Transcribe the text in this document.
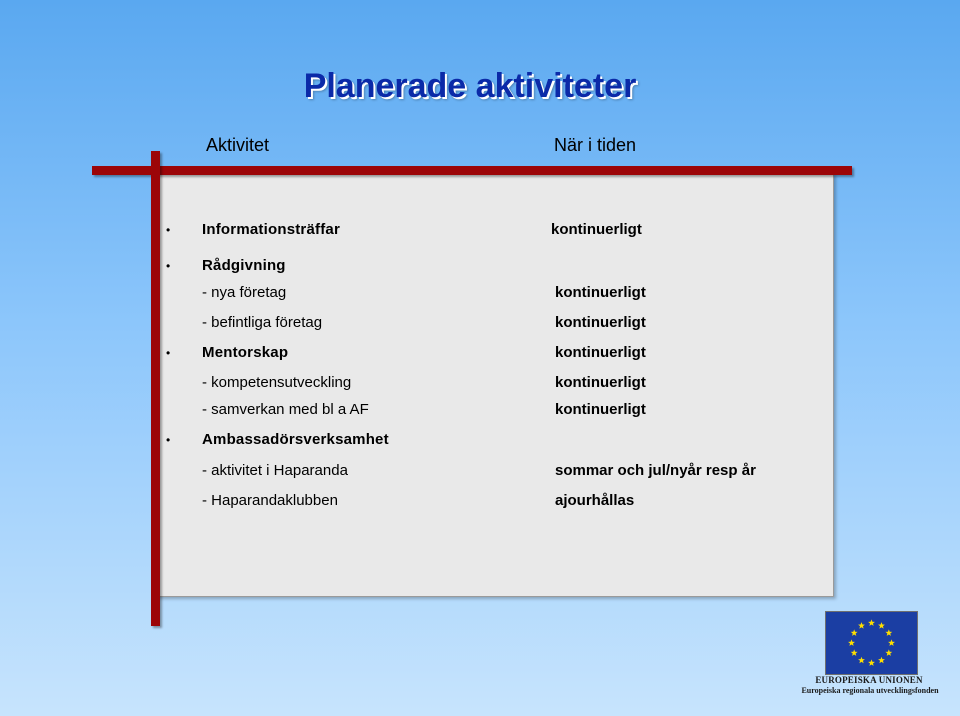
Planerade aktiviteter
Aktivitet	När i tiden
• Informationsträffar	kontinuerligt
• Rådgivning
- nya företag	kontinuerligt
- befintliga företag	kontinuerligt
• Mentorskap	kontinuerligt
- kompetensutveckling	kontinuerligt
- samverkan med bl a AF	kontinuerligt
• Ambassadörsverksamhet
- aktivitet i Haparanda	sommar och jul/nyår resp år
- Haparandaklubben	ajourhållas
EUROPEISKA UNIONEN
Europeiska regionala utvecklingsfonden
